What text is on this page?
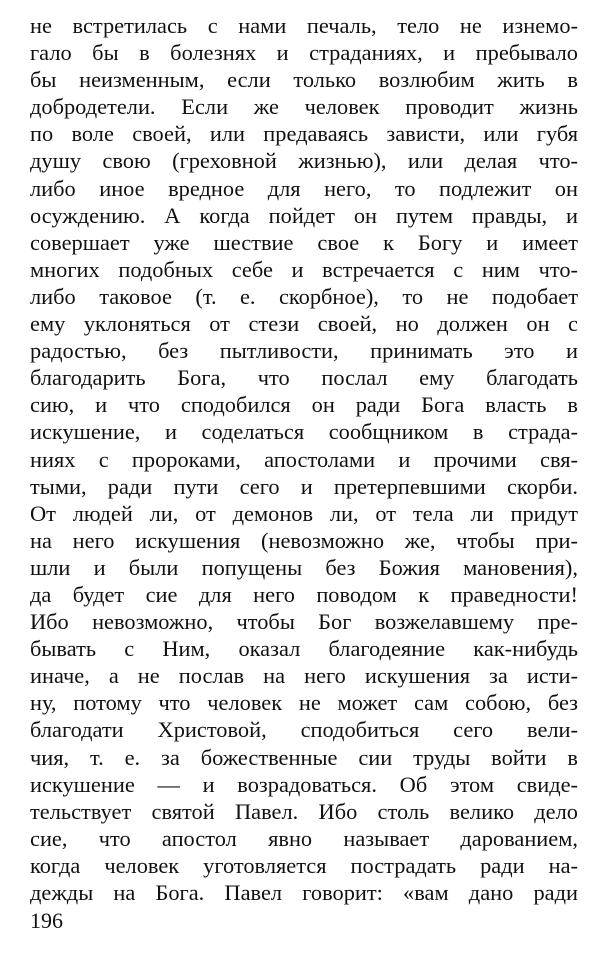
не встретилась с нами печаль, тело не изнемо-
гало бы в болезнях и страданиях, и пребывало
бы неизменным, если только возлюбим жить в
добродетели. Если же человек проводит жизнь
по воле своей, или предаваясь зависти, или губя
душу свою (греховной жизнью), или делая что-
либо иное вредное для него, то подлежит он
осуждению. А когда пойдет он путем правды, и
совершает уже шествие свое к Богу и имеет
многих подобных себе и встречается с ним что-
либо таковое (т. е. скорбное), то не подобает
ему уклоняться от стези своей, но должен он с
радостью, без пытливости, принимать это и
благодарить Бога, что послал ему благодать
сию, и что сподобился он ради Бога власть в
искушение, и соделаться сообщником в страда-
ниях с пророками, апостолами и прочими свя-
тыми, ради пути сего и претерпевшими скорби.
От людей ли, от демонов ли, от тела ли придут
на него искушения (невозможно же, чтобы при-
шли и были попущены без Божия мановения),
да будет сие для него поводом к праведности!
Ибо невозможно, чтобы Бог возжелавшему пре-
бывать с Ним, оказал благодеяние как-нибудь
иначе, а не послав на него искушения за исти-
ну, потому что человек не может сам собою, без
благодати Христовой, сподобиться сего вели-
чия, т. е. за божественные сии труды войти в
искушение — и возрадоваться. Об этом свиде-
тельствует святой Павел. Ибо столь велико дело
сие, что апостол явно называет дарованием,
когда человек уготовляется пострадать ради на-
дежды на Бога. Павел говорит: «вам дано ради

196
